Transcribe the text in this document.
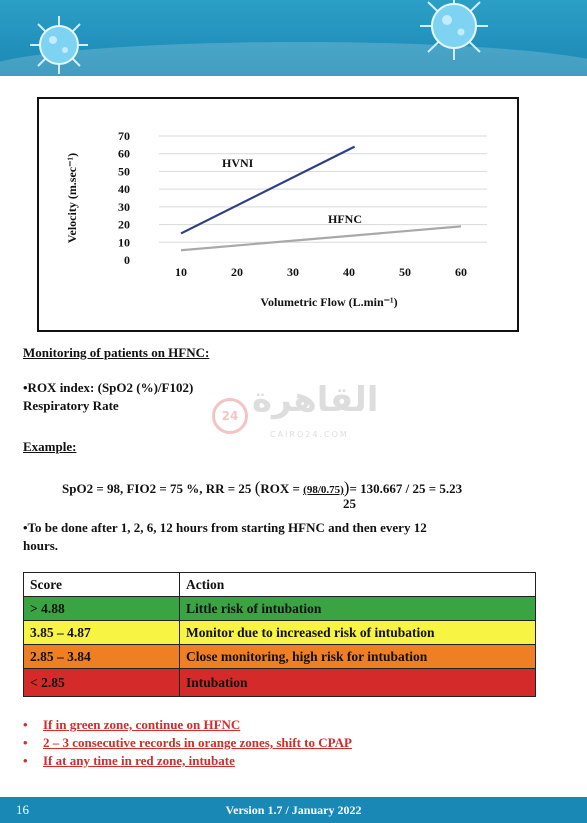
70
60
50
40
30
20
10
0
10	20	30	40	50	60
Volumetric Flow (L.min⁻¹)
Velocity (m.sec⁻¹)	HVNI
HFNC
Monitoring of patients on HFNC:
•ROX index: (SpO2 (%)/F102)
Respiratory Rate
Example:
SpO2 = 98, FIO2 = 75 %, RR = 25 (ROX = (98/0.75))= 130.667 / 25 = 5.23
25
•To be done after 1, 2, 6, 12 hours from starting HFNC and then every 12
hours.
24 القاهرة
CAIRO24.COM
Score	Action
> 4.88	Little risk of intubation
3.85 – 4.87	Monitor due to increased risk of intubation
2.85 – 3.84	Close monitoring, high risk for intubation
< 2.85	Intubation
• If in green zone, continue on HFNC
• 2 – 3 consecutive records in orange zones, shift to CPAP
• If at any time in red zone, intubate
16	Version 1.7 / January 2022
